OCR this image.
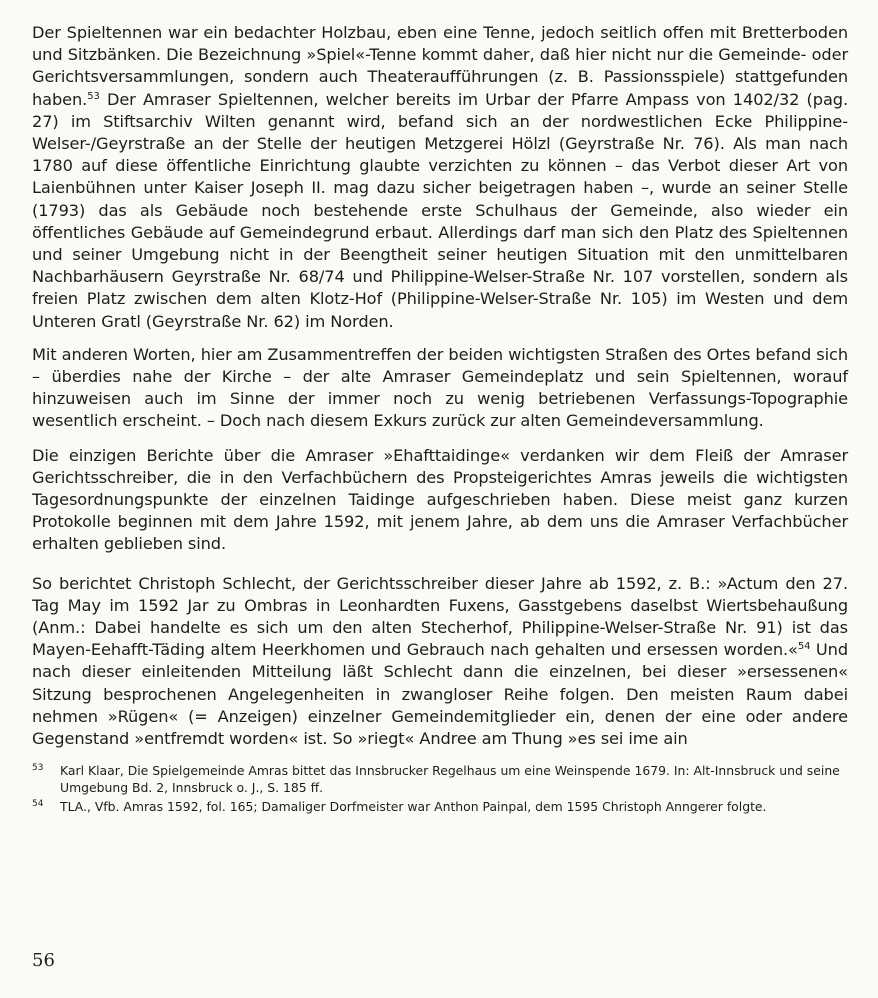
Der Spieltennen war ein bedachter Holzbau, eben eine Tenne, jedoch seitlich offen mit Bretterboden und Sitzbänken. Die Bezeichnung »Spiel«-Tenne kommt daher, daß hier nicht nur die Gemeinde- oder Gerichtsversammlungen, sondern auch Theateraufführungen (z. B. Passionsspiele) stattgefunden haben.$^{53}$ Der Amraser Spieltennen, welcher bereits im Urbar der Pfarre Ampass von 1402/32 (pag. 27) im Stiftsarchiv Wilten genannt wird, befand sich an der nordwestlichen Ecke Philippine-Welser-/Geyrstraße an der Stelle der heutigen Metzgerei Hölzl (Geyrstraße Nr. 76). Als man nach 1780 auf diese öffentliche Einrichtung glaubte verzichten zu können – das Verbot dieser Art von Laienbühnen unter Kaiser Joseph II. mag dazu sicher beigetragen haben –, wurde an seiner Stelle (1793) das als Gebäude noch bestehende erste Schulhaus der Gemeinde, also wieder ein öffentliches Gebäude auf Gemeindegrund erbaut. Allerdings darf man sich den Platz des Spieltennen und seiner Umgebung nicht in der Beengtheit seiner heutigen Situation mit den unmittelbaren Nachbarhäusern Geyrstraße Nr. 68/74 und Philippine-Welser-Straße Nr. 107 vorstellen, sondern als freien Platz zwischen dem alten Klotz-Hof (Philippine-Welser-Straße Nr. 105) im Westen und dem Unteren Gratl (Geyrstraße Nr. 62) im Norden.

Mit anderen Worten, hier am Zusammentreffen der beiden wichtigsten Straßen des Ortes befand sich – überdies nahe der Kirche – der alte Amraser Gemeindeplatz und sein Spieltennen, worauf hinzuweisen auch im Sinne der immer noch zu wenig betriebenen Verfassungs-Topographie wesentlich erscheint. – Doch nach diesem Exkurs zurück zur alten Gemeindeversammlung.

Die einzigen Berichte über die Amraser »Ehafttaidinge« verdanken wir dem Fleiß der Amraser Gerichtsschreiber, die in den Verfachbüchern des Propsteigerichtes Amras jeweils die wichtigsten Tagesordnungspunkte der einzelnen Taidinge aufgeschrieben haben. Diese meist ganz kurzen Protokolle beginnen mit dem Jahre 1592, mit jenem Jahre, ab dem uns die Amraser Verfachbücher erhalten geblieben sind.

So berichtet Christoph Schlecht, der Gerichtsschreiber dieser Jahre ab 1592, z. B.: »Actum den 27. Tag May im 1592 Jar zu Ombras in Leonhardten Fuxens, Gasstgebens daselbst Wiertsbehaußung (Anm.: Dabei handelte es sich um den alten Stecherhof, Philippine-Welser-Straße Nr. 91) ist das Mayen-Eehafft-Täding altem Heerkhomen und Gebrauch nach gehalten und ersessen worden.«$^{54}$ Und nach dieser einleitenden Mitteilung läßt Schlecht dann die einzelnen, bei dieser »ersessenen« Sitzung besprochenen Angelegenheiten in zwangloser Reihe folgen. Den meisten Raum dabei nehmen »Rügen« (= Anzeigen) einzelner Gemeindemitglieder ein, denen der eine oder andere Gegenstand »entfremdt worden« ist. So »riegt« Andree am Thung »es sei ime ain

53	Karl Klaar, Die Spielgemeinde Amras bittet das Innsbrucker Regelhaus um eine Weinspende 1679. In: Alt-Innsbruck und seine Umgebung Bd. 2, Innsbruck o. J., S. 185 ff.
54	TLA., Vfb. Amras 1592, fol. 165; Damaliger Dorfmeister war Anthon Painpal, dem 1595 Christoph Anngerer folgte.
56
